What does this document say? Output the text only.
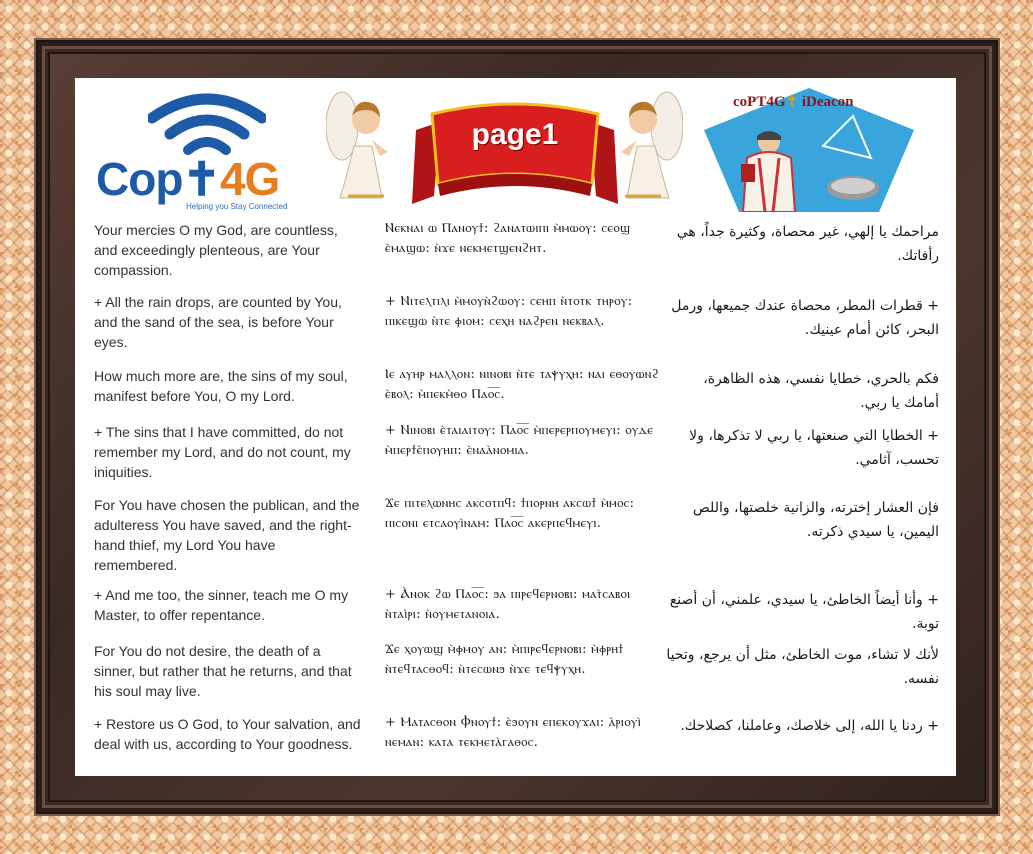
Cop✝4G
Helping you Stay Connected
page1
coPT4G✝ iDeacon
Your mercies O my God, are countless, and exceedingly plenteous, are Your compassion.
+ All the rain drops, are counted by You, and the sand of the sea, is before Your eyes.
How much more are, the sins of my soul, manifest before You, O my Lord.
+ The sins that I have committed, do not remember my Lord, and do not count, my iniquities.
For You have chosen the publican, and the adulteress You have saved, and the right-hand thief, my Lord You have remembered.
+ And me too, the sinner, teach me O my Master, to offer repentance.
For You do not desire, the death of a sinner, but rather that he returns, and that his soul may live.
+ Restore us O God, to Your salvation, and deal with us, according to Your goodness.
Ⲛⲉⲕⲛⲁⲓ ⲱ Ⲡⲁⲛⲟⲩϯ: ϩⲁⲛⲁⲧⲱⲓⲡⲓ ⲙ̀ⲙⲱⲟⲩ: ⲥⲉⲟϣ ⲉ̀ⲙⲁϣⲱ: ⲛ̀ϫⲉ ⲛⲉⲕⲙⲉⲧϣⲉⲛϩⲏⲧ.
+ Ⲛⲓⲧⲉⲗⲧⲓⲗⲓ ⲙ̀ⲙⲟⲩⲛ̀ϩⲱⲟⲩ: ⲥⲉⲏⲡ ⲛ̀ⲧⲟⲧⲕ ⲧⲏⲣⲟⲩ: ⲡⲓⲕⲉϣⲱ ⲛ̀ⲧⲉ ⲫⲓⲟⲙ: ⲥⲉⲭⲏ ⲛⲁϩⲣⲉⲛ ⲛⲉⲕⲃⲁⲗ.
Ⲓⲉ ⲁⲩⲏⲣ ⲙⲁⲗⲗⲟⲛ: ⲛⲓⲛⲟⲃⲓ ⲛ̀ⲧⲉ ⲧⲁⲯⲩⲭⲏ: ⲛⲁⲓ ⲉⲑⲟⲩⲱⲛϩ ⲉ̀ⲃⲟⲗ: ⲙ̀ⲡⲉⲕⲙ̀ⲑⲟ Ⲡⲁⲟ̅ⲥ̅.
+ Ⲛⲓⲛⲟⲃⲓ ⲉ̀ⲧⲁⲓⲁⲓⲧⲟⲩ: Ⲡⲁⲟ̅ⲥ̅ ⲙ̀ⲡⲉⲣⲉⲣⲡⲟⲩⲙⲉⲩⲓ: ⲟⲩⲇⲉ ⲙ̀ⲡⲉⲣϯⲉ̀ⲡⲟⲩⲏⲡ: ⲉ̀ⲛⲁⲁ̀ⲛⲟⲙⲓⲁ.
Ϫⲉ ⲡⲓⲧⲉⲗⲱⲛⲏⲥ ⲁⲕⲥⲟⲧⲡϥ: ϯⲡⲟⲣⲛⲏ ⲁⲕⲥⲱϯ ⲙ̀ⲙⲟⲥ: ⲡⲓⲥⲟⲛⲓ ⲉⲧⲥⲁⲟⲩⲓ̀ⲛⲁⲙ: Ⲡⲁⲟ̅ⲥ̅ ⲁⲕⲉⲣⲡⲉϥⲙⲉⲩⲓ.
+ Ⲁ̀ⲛⲟⲕ ϩⲱ Ⲡⲁⲟ̅ⲥ̅: ϧⲁ ⲡⲓⲣⲉϥⲉⲣⲛⲟⲃⲓ: ⲙⲁⲧ̀ⲥⲁⲃⲟⲓ ⲛ̀ⲧⲁⲓ̀ⲣⲓ: ⲛ̀ⲟⲩⲙⲉⲧⲁⲛⲟⲓⲁ.
Ϫⲉ ⲭⲟⲩⲱϣ ⲙ̀ⲫⲙⲟⲩ ⲁⲛ: ⲙ̀ⲡⲓⲣⲉϥⲉⲣⲛⲟⲃⲓ: ⲙ̀ⲫⲣⲏϯ ⲛ̀ⲧⲉϥⲧⲁⲥⲑⲟϥ: ⲛ̀ⲧⲉⲥⲱⲛϧ ⲛ̀ϫⲉ ⲧⲉϥⲯⲩⲭⲏ.
+ Ⲙⲁⲧⲁⲥⲑⲟⲛ Ⲫⲛⲟⲩϯ: ⲉ̀ϧⲟⲩⲛ ⲉⲡⲉⲕⲟⲩϫⲁⲓ: ⲁ̀ⲣⲓⲟⲩⲓ̀ ⲛⲉⲙⲁⲛ: ⲕⲁⲧⲁ ⲧⲉⲕⲙⲉⲧⲁ̀ⲅⲁⲑⲟⲥ.
مراحمك يا إلهي، غير محصاة، وكثيرة جداً، هي رأفاتك.
+ قطرات المطر، محصاة عندك جميعها، ورمل البحر، كائن أمام عينيك.
فكم بالحري، خطايا نفسي، هذه الظاهرة، أمامك يا ربي.
+ الخطايا التي صنعتها، يا ربي لا تذكرها، ولا تحسب، آثامي.
فإن العشار إخترته، والزانية خلصتها، واللص اليمين، يا سيدي ذكرته.
+ وأنا أيضاً الخاطئ، يا سيدي، علمني، أن أصنع توبة.
لأنك لا تشاء، موت الخاطئ، مثل أن يرجع، وتحيا نفسه.
+ ردنا يا الله، إلى خلاصك، وعاملنا، كصلاحك.
